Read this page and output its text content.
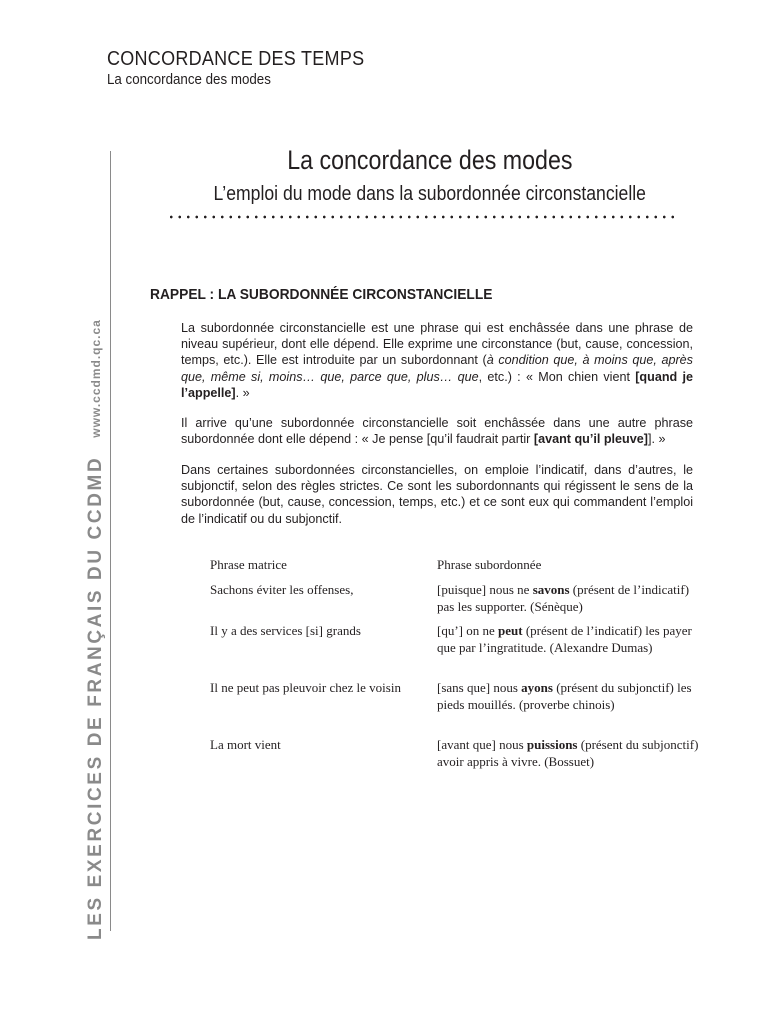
CONCORDANCE DES TEMPS
La concordance des modes
LES EXERCICES DE FRANÇAIS DU CCDMD
www.ccdmd.qc.ca
La concordance des modes
L’emploi du mode dans la subordonnée circonstancielle
RAPPEL : LA SUBORDONNÉE CIRCONSTANCIELLE
La subordonnée circonstancielle est une phrase qui est enchâssée dans une phrase de niveau supérieur, dont elle dépend. Elle exprime une circonstance (but, cause, concession, temps, etc.). Elle est introduite par un subordonnant (à condition que, à moins que, après que, même si, moins… que, parce que, plus… que, etc.) : « Mon chien vient [quand je l’appelle]. »
Il arrive qu’une subordonnée circonstancielle soit enchâssée dans une autre phrase subordonnée dont elle dépend : « Je pense [qu’il faudrait partir [avant qu’il pleuve]]. »
Dans certaines subordonnées circonstancielles, on emploie l’indicatif, dans d’autres, le subjonctif, selon des règles strictes. Ce sont les subordonnants qui régissent le sens de la subordonnée (but, cause, concession, temps, etc.) et ce sont eux qui commandent l’emploi de l’indicatif ou du subjonctif.
Phrase matrice	Phrase subordonnée
Sachons éviter les offenses,	[puisque] nous ne savons (présent de l’indicatif) pas les supporter. (Sénèque)
Il y a des services [si] grands	[qu’] on ne peut (présent de l’indicatif) les payer que par l’ingratitude. (Alexandre Dumas)
Il ne peut pas pleuvoir chez le voisin	[sans que] nous ayons (présent du subjonctif) les pieds mouillés. (proverbe chinois)
La mort vient	[avant que] nous puissions (présent du subjonctif) avoir appris à vivre. (Bossuet)
